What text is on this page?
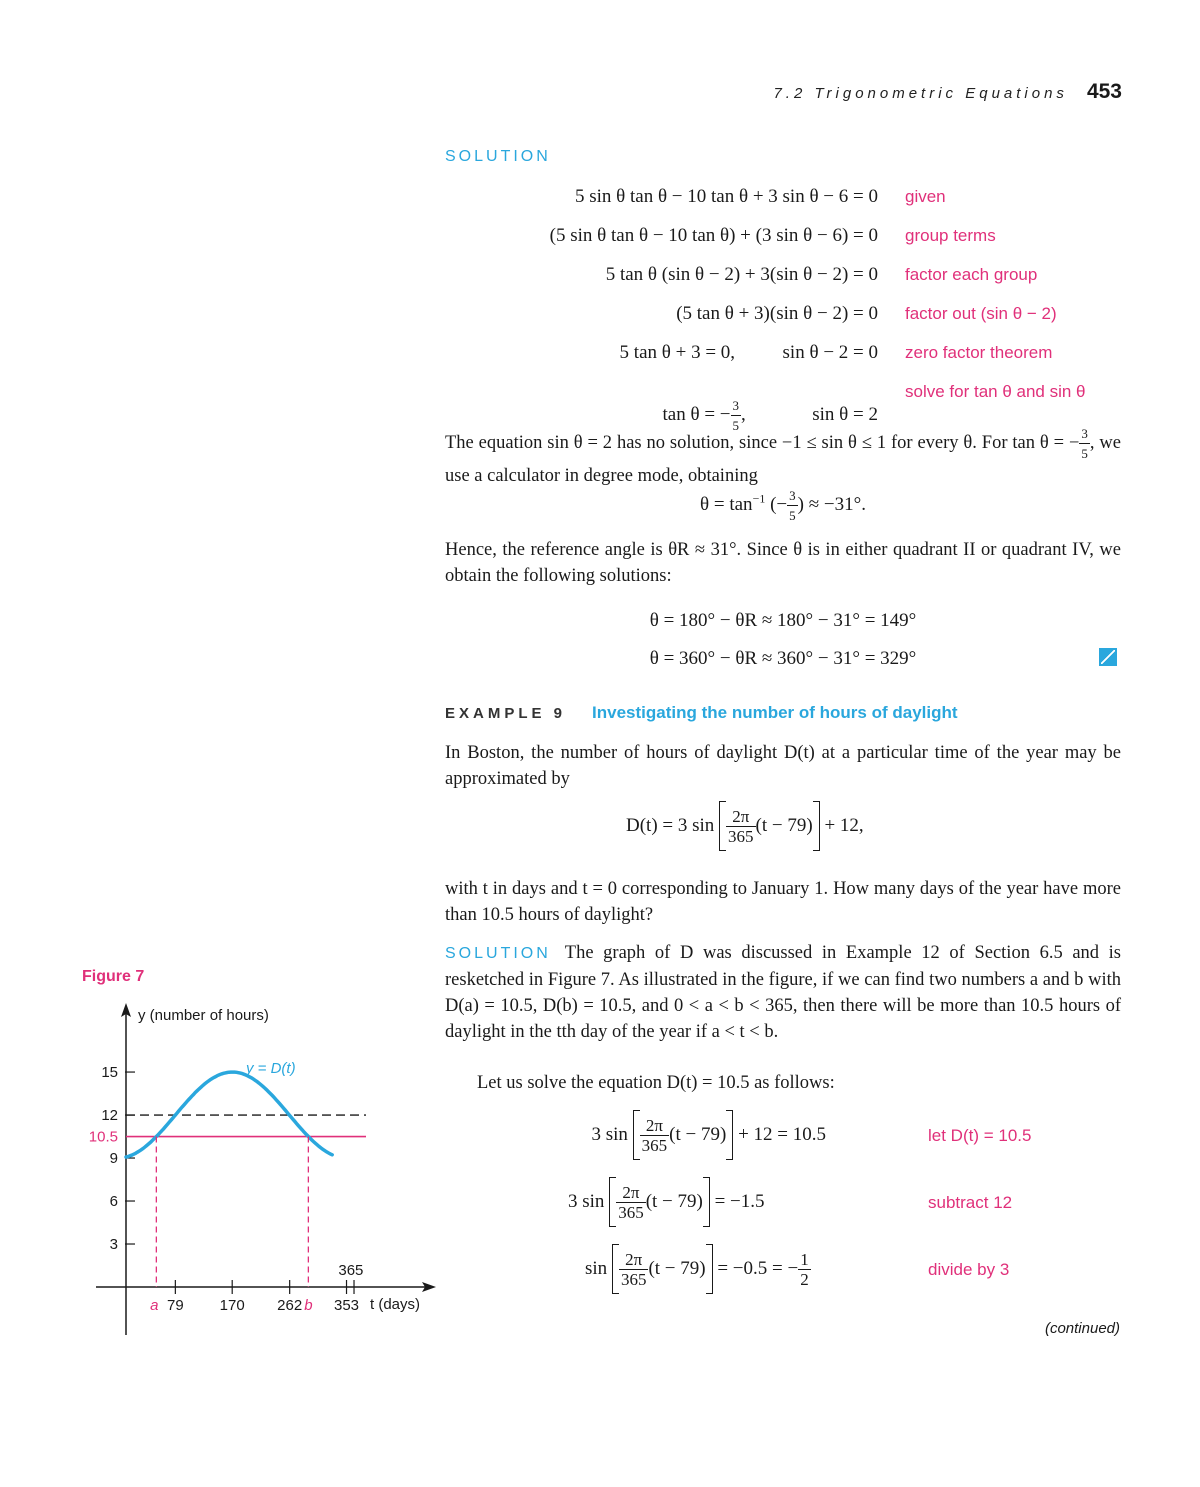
7.2 Trigonometric Equations 453
SOLUTION
5 sin θ tan θ − 10 tan θ + 3 sin θ − 6 = 0 given
(5 sin θ tan θ − 10 tan θ) + (3 sin θ − 6) = 0 group terms
5 tan θ (sin θ − 2) + 3(sin θ − 2) = 0 factor each group
(5 tan θ + 3)(sin θ − 2) = 0 factor out (sin θ − 2)
5 tan θ + 3 = 0,          sin θ − 2 = 0 zero factor theorem

tan θ = − $\frac{3}{5}$ ,              sin θ = 2

solve for tan θ and sin θ
The equation sin θ = 2 has no solution, since −1 ≤ sin θ ≤ 1 for every θ. For tan θ = − $\frac{3}{5}$ , we use a calculator in degree mode, obtaining
$\theta = \tan^{-1}$ (− $\frac{3}{5}$ ) ≈ −31°.
Hence, the reference angle is θR ≈ 31°. Since θ is in either quadrant II or quadrant IV, we obtain the following solutions:
θ = 180° − θR ≈ 180° − 31° = 149°
θ = 360° − θR ≈ 360° − 31° = 329°
EXAMPLE 9 Investigating the number of hours of daylight
In Boston, the number of hours of daylight D(t) at a particular time of the year may be approximated by
D(t) = 3 $\sin \frac{2\pi}{365} (t - 79) + 12$,
with t in days and t = 0 corresponding to January 1. How many days of the year have more than 10.5 hours of daylight?
SOLUTION The graph of D was discussed in Example 12 of Section 6.5 and is resketched in Figure 7. As illustrated in the figure, if we can find two numbers a and b with D(a) = 10.5, D(b) = 10.5, and 0 < a < b < 365, then there will be more than 10.5 hours of daylight in the tth day of the year if a < t < b.
Let us solve the equation D(t) = 10.5 as follows:
3 $\sin \frac{2\pi}{365} (t - 79) + 12 = 10.5$	let D(t) = 10.5
3 $\sin \frac{2\pi}{365} (t - 79) = -1.5$	subtract 12
$\sin \frac{2\pi}{365} (t - 79) = -0.5$ = − $\frac{1}{2}$	divide by 3
(continued)
Figure 7
y (number of hours)
t (days)
15
12
10.5
9
6
3
y = D(t)
79 170 262 353
365
a	b
